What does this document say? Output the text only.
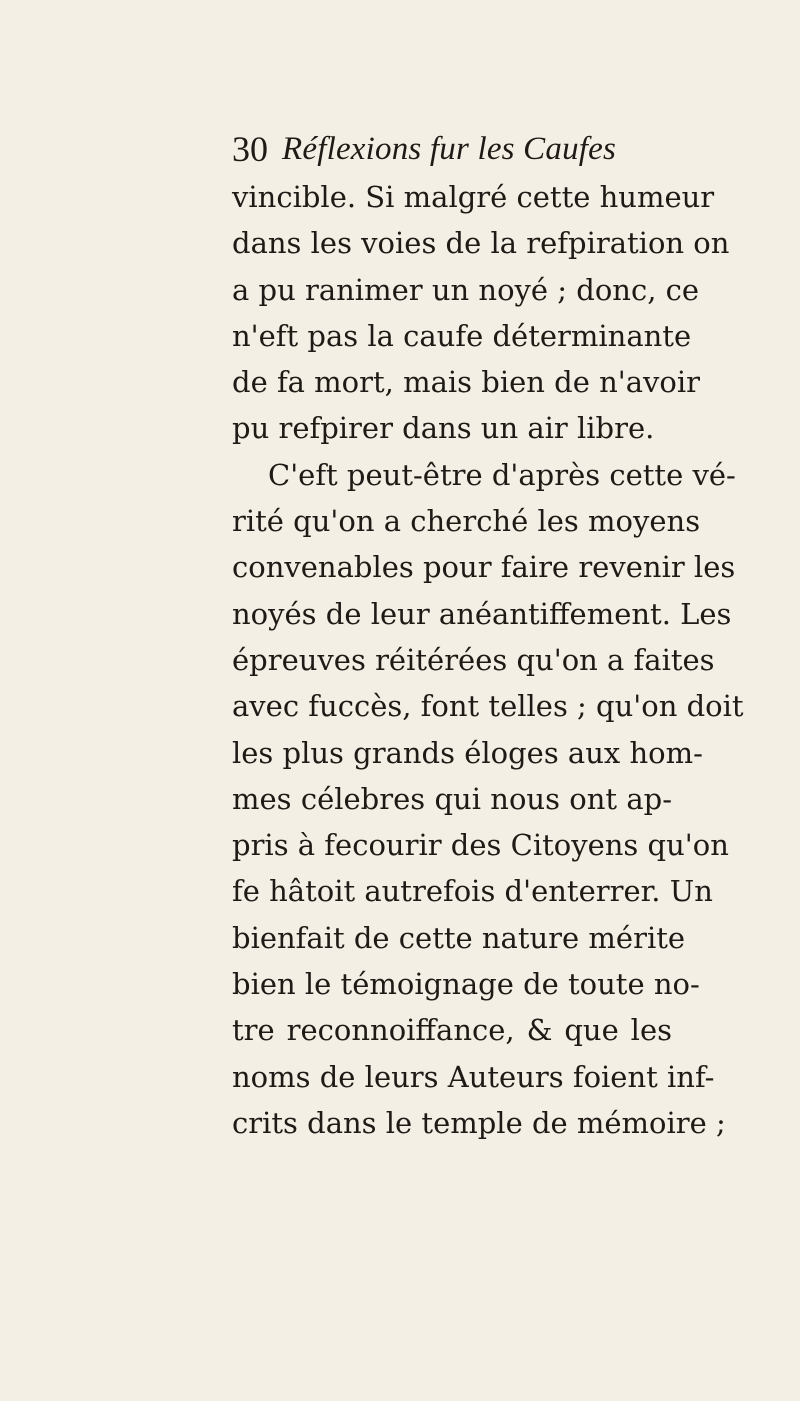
30 Réflexions fur les Caufes
vincible. Si malgré cette humeur
dans les voies de la refpiration on
a pu ranimer un noyé ; donc, ce
n'eft pas la caufe déterminante
de fa mort, mais bien de n'avoir
pu refpirer dans un air libre.
C'eft peut-être d'après cette vé-
rité qu'on a cherché les moyens
convenables pour faire revenir les
noyés de leur anéantiffement. Les
épreuves réitérées qu'on a faites
avec fuccès, font telles ; qu'on doit
les plus grands éloges aux hom-
mes célebres qui nous ont ap-
pris à fecourir des Citoyens qu'on
fe hâtoit autrefois d'enterrer. Un
bienfait de cette nature mérite
bien le témoignage de toute no-
tre reconnoiffance, & que les
noms de leurs Auteurs foient inf-
crits dans le temple de mémoire ;
